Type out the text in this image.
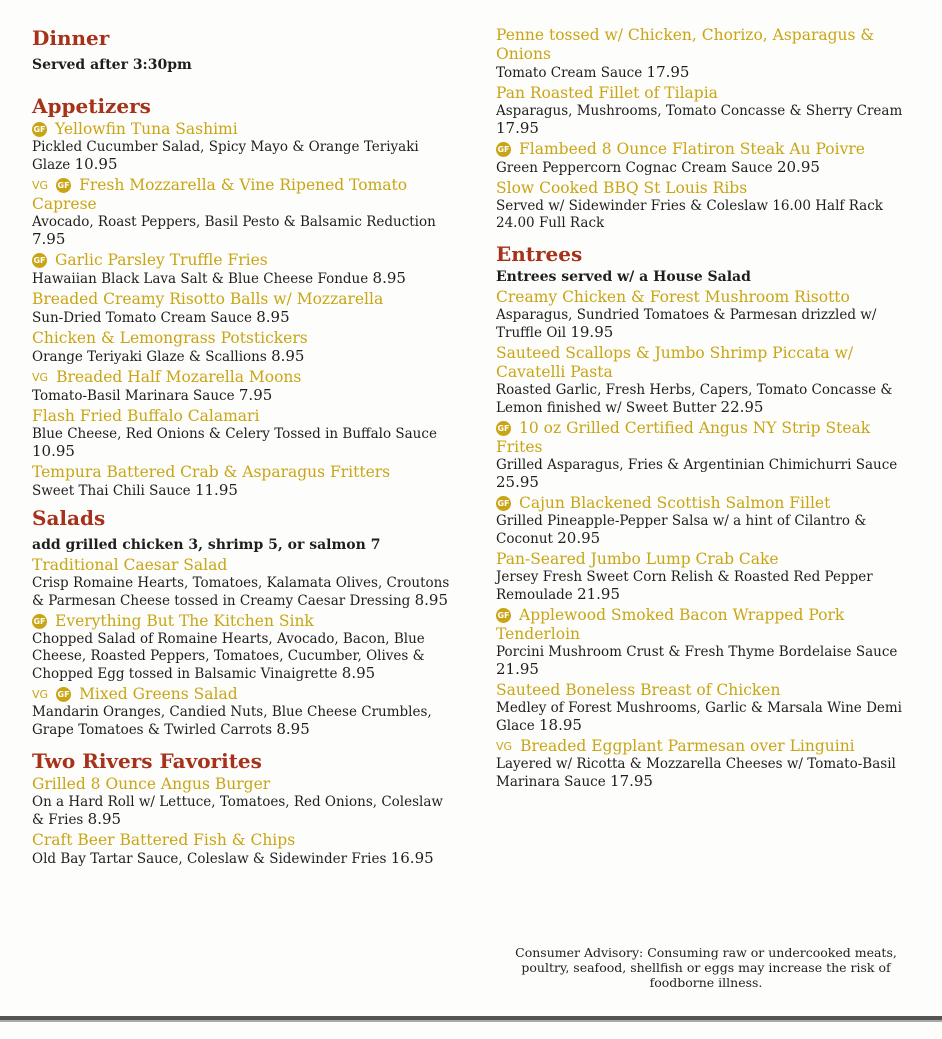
Dinner
Served after 3:30pm
Appetizers
GF Yellowfin Tuna Sashimi
Pickled Cucumber Salad, Spicy Mayo & Orange Teriyaki Glaze 10.95
VG GF Fresh Mozzarella & Vine Ripened Tomato Caprese
Avocado, Roast Peppers, Basil Pesto & Balsamic Reduction 7.95
GF Garlic Parsley Truffle Fries
Hawaiian Black Lava Salt & Blue Cheese Fondue 8.95
Breaded Creamy Risotto Balls w/ Mozzarella
Sun-Dried Tomato Cream Sauce 8.95
Chicken & Lemongrass Potstickers
Orange Teriyaki Glaze & Scallions 8.95
VG Breaded Half Mozarella Moons
Tomato-Basil Marinara Sauce 7.95
Flash Fried Buffalo Calamari
Blue Cheese, Red Onions & Celery Tossed in Buffalo Sauce 10.95
Tempura Battered Crab & Asparagus Fritters
Sweet Thai Chili Sauce 11.95
Salads
add grilled chicken 3, shrimp 5, or salmon 7
Traditional Caesar Salad
Crisp Romaine Hearts, Tomatoes, Kalamata Olives, Croutons & Parmesan Cheese tossed in Creamy Caesar Dressing 8.95
GF Everything But The Kitchen Sink
Chopped Salad of Romaine Hearts, Avocado, Bacon, Blue Cheese, Roasted Peppers, Tomatoes, Cucumber, Olives & Chopped Egg tossed in Balsamic Vinaigrette 8.95
VG GF Mixed Greens Salad
Mandarin Oranges, Candied Nuts, Blue Cheese Crumbles, Grape Tomatoes & Twirled Carrots 8.95
Two Rivers Favorites
Grilled 8 Ounce Angus Burger
On a Hard Roll w/ Lettuce, Tomatoes, Red Onions, Coleslaw & Fries 8.95
Craft Beer Battered Fish & Chips
Old Bay Tartar Sauce, Coleslaw & Sidewinder Fries 16.95
Penne tossed w/ Chicken, Chorizo, Asparagus & Onions
Tomato Cream Sauce 17.95
Pan Roasted Fillet of Tilapia
Asparagus, Mushrooms, Tomato Concasse & Sherry Cream 17.95
GF Flambeed 8 Ounce Flatiron Steak Au Poivre
Green Peppercorn Cognac Cream Sauce 20.95
Slow Cooked BBQ St Louis Ribs
Served w/ Sidewinder Fries & Coleslaw 16.00 Half Rack 24.00 Full Rack
Entrees
Entrees served w/ a House Salad
Creamy Chicken & Forest Mushroom Risotto
Asparagus, Sundried Tomatoes & Parmesan drizzled w/ Truffle Oil 19.95
Sauteed Scallops & Jumbo Shrimp Piccata w/ Cavatelli Pasta
Roasted Garlic, Fresh Herbs, Capers, Tomato Concasse & Lemon finished w/ Sweet Butter 22.95
GF 10 oz Grilled Certified Angus NY Strip Steak Frites
Grilled Asparagus, Fries & Argentinian Chimichurri Sauce 25.95
GF Cajun Blackened Scottish Salmon Fillet
Grilled Pineapple-Pepper Salsa w/ a hint of Cilantro & Coconut 20.95
Pan-Seared Jumbo Lump Crab Cake
Jersey Fresh Sweet Corn Relish & Roasted Red Pepper Remoulade 21.95
GF Applewood Smoked Bacon Wrapped Pork Tenderloin
Porcini Mushroom Crust & Fresh Thyme Bordelaise Sauce 21.95
Sauteed Boneless Breast of Chicken
Medley of Forest Mushrooms, Garlic & Marsala Wine Demi Glace 18.95
VG Breaded Eggplant Parmesan over Linguini
Layered w/ Ricotta & Mozzarella Cheeses w/ Tomato-Basil Marinara Sauce 17.95
Consumer Advisory: Consuming raw or undercooked meats, poultry, seafood, shellfish or eggs may increase the risk of foodborne illness.
